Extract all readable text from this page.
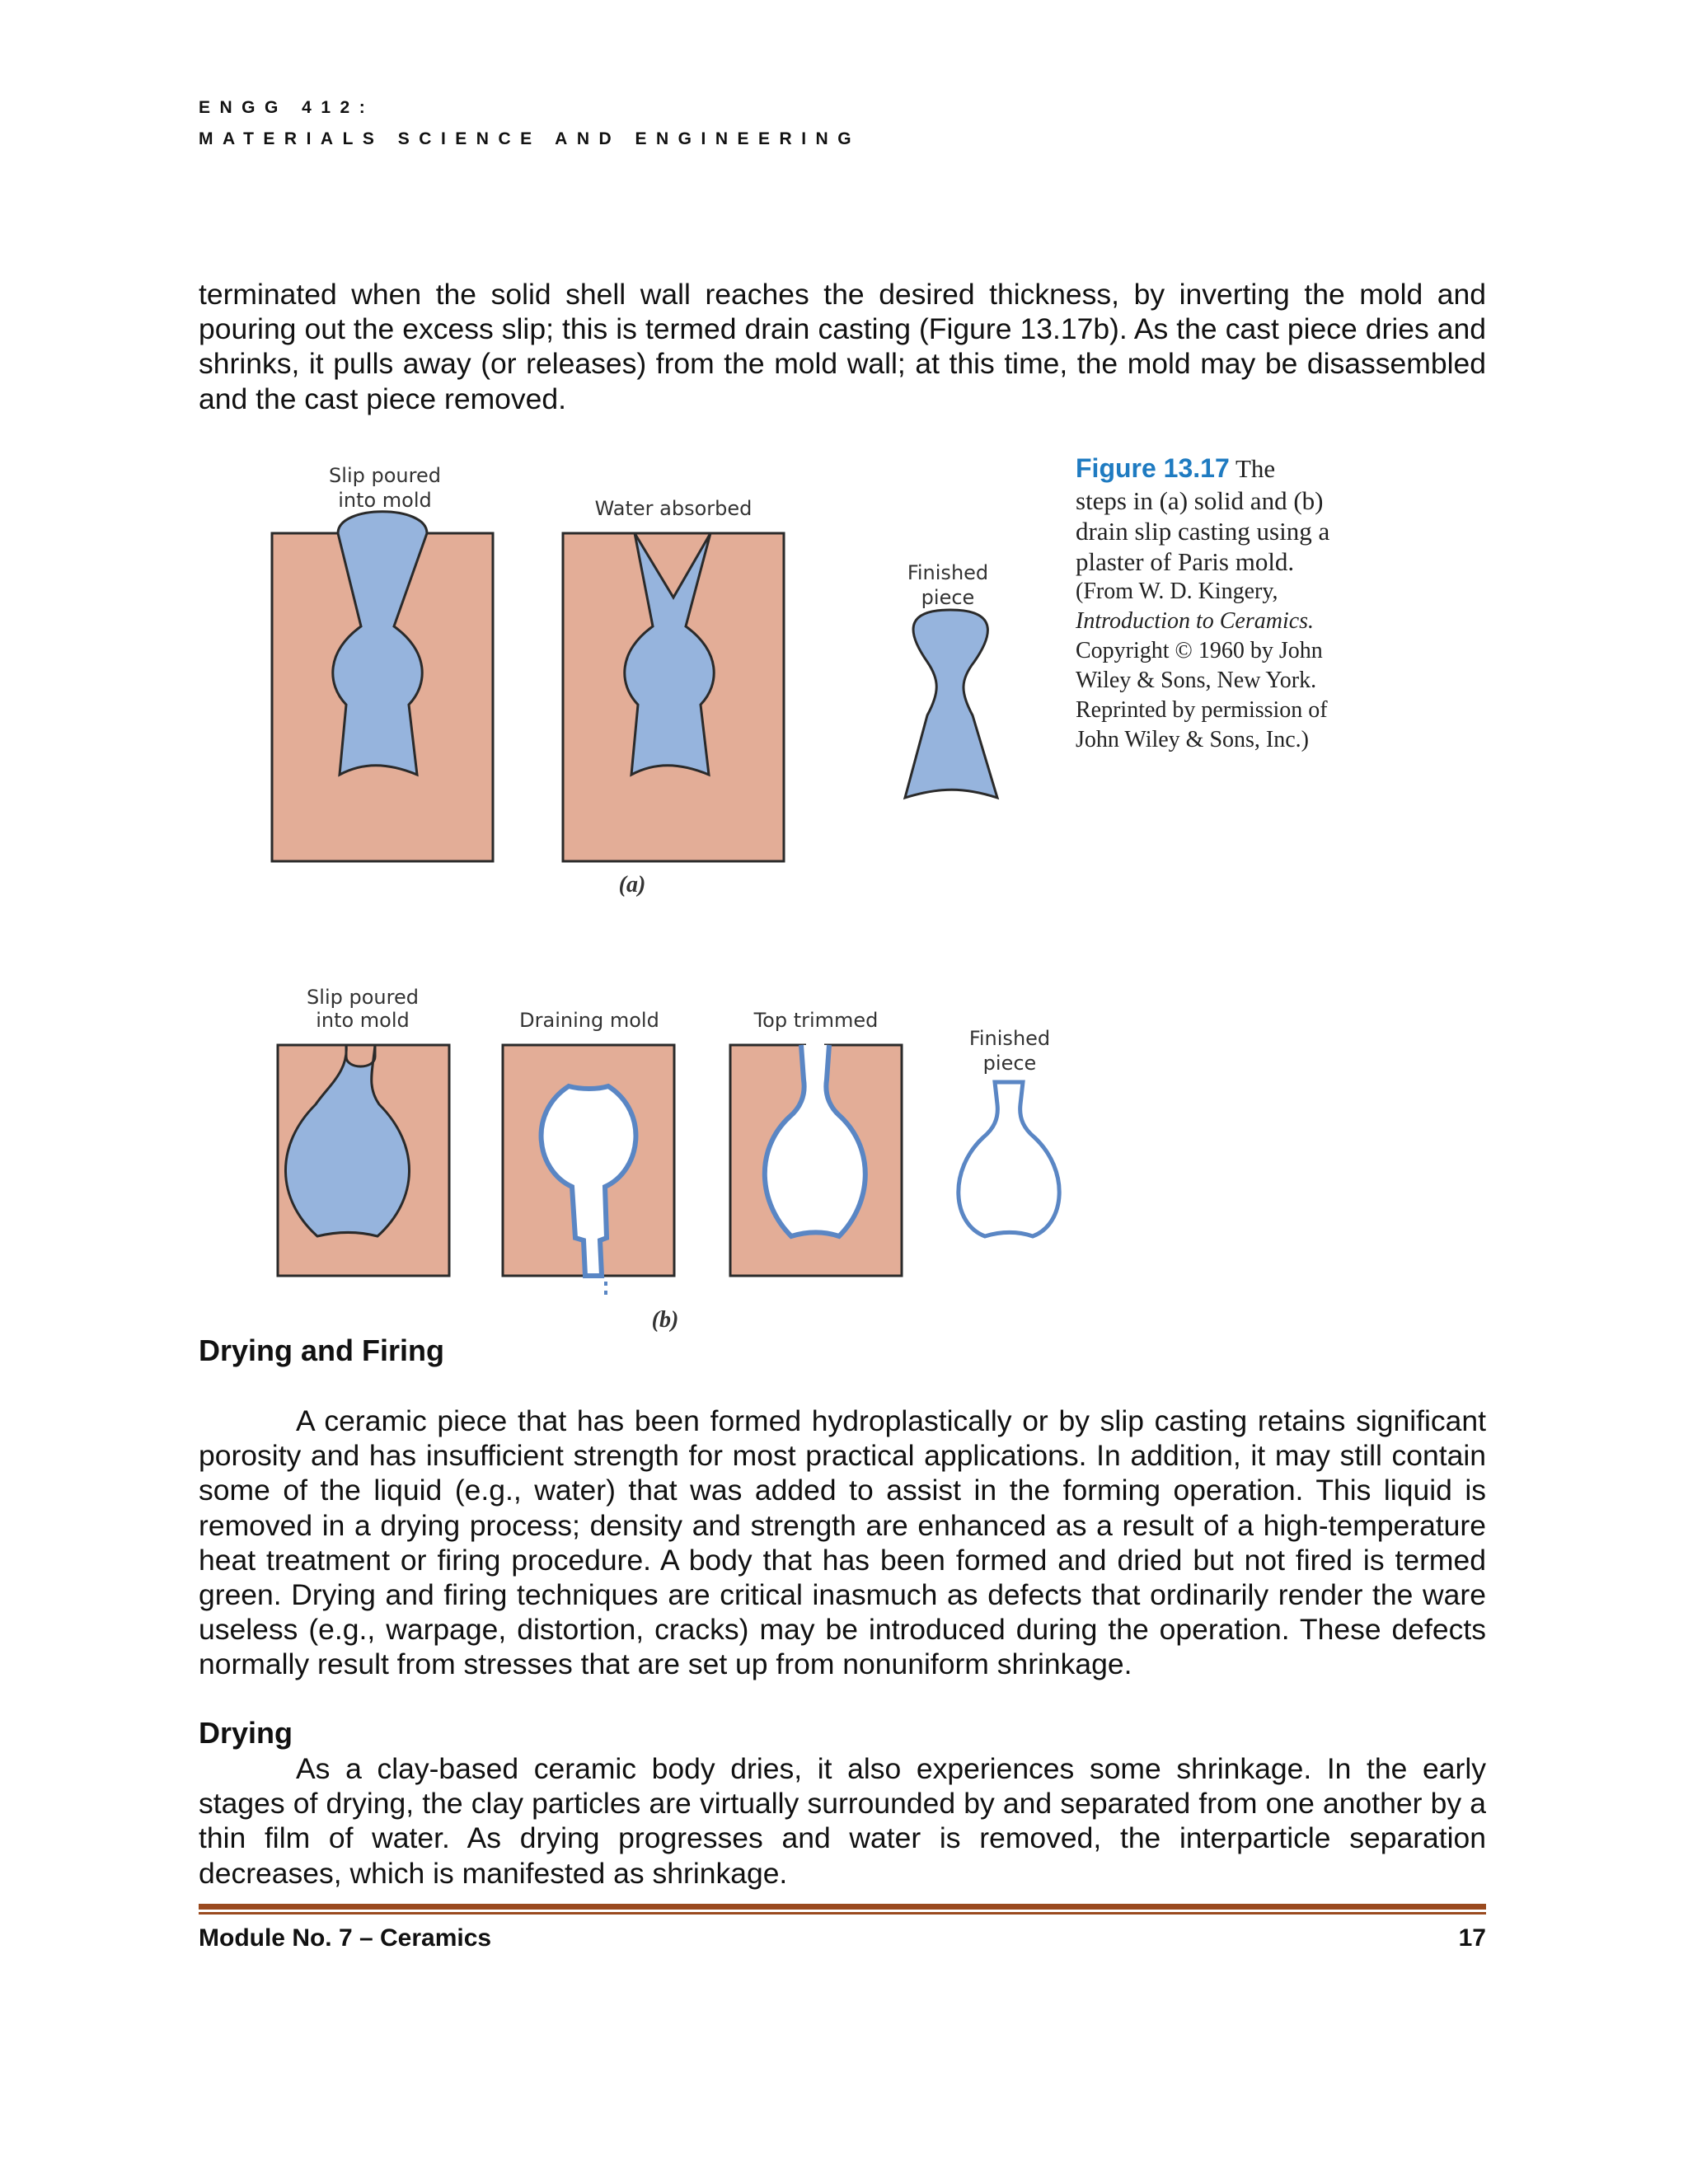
ENGG 412:
MATERIALS SCIENCE AND ENGINEERING

terminated when the solid shell wall reaches the desired thickness, by inverting the mold and pouring out the excess slip; this is termed drain casting (Figure 13.17b). As the cast piece dries and shrinks, it pulls away (or releases) from the mold wall; at this time, the mold may be disassembled and the cast piece removed.

Slip poured
into mold	Water absorbed
Finished
piece
(a)
Slip poured
into mold	Draining mold	Top trimmed
Finished
piece
(b)
Figure 13.17 The
steps in (a) solid and (b)
drain slip casting using a
plaster of Paris mold.
(From W. D. Kingery,
Introduction to Ceramics.
Copyright © 1960 by John
Wiley & Sons, New York.
Reprinted by permission of
John Wiley & Sons, Inc.)
Drying and Firing

A ceramic piece that has been formed hydroplastically or by slip casting retains significant porosity and has insufficient strength for most practical applications. In addition, it may still contain some of the liquid (e.g., water) that was added to assist in the forming operation. This liquid is removed in a drying process; density and strength are enhanced as a result of a high-temperature heat treatment or firing procedure. A body that has been formed and dried but not fired is termed green. Drying and firing techniques are critical inasmuch as defects that ordinarily render the ware useless (e.g., warpage, distortion, cracks) may be introduced during the operation. These defects normally result from stresses that are set up from nonuniform shrinkage.

Drying

As a clay-based ceramic body dries, it also experiences some shrinkage. In the early stages of drying, the clay particles are virtually surrounded by and separated from one another by a thin film of water. As drying progresses and water is removed, the interparticle separation decreases, which is manifested as shrinkage.

Module No. 7 – Ceramics	17
